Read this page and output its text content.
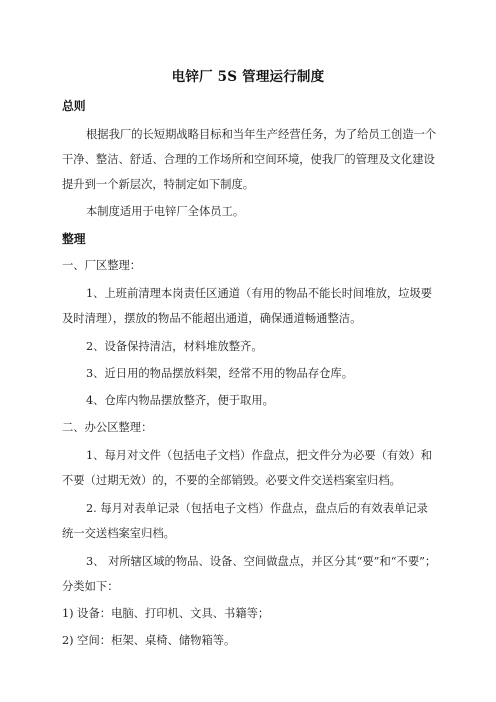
电锌厂 5S 管理运行制度
总则
根据我厂的长短期战略目标和当年生产经营任务，为了给员工创造一个
干净、整洁、舒适、合理的工作场所和空间环境，使我厂的管理及文化建设
提升到一个新层次，特制定如下制度。
本制度适用于电锌厂全体员工。
整理
一、厂区整理：
1、上班前清理本岗责任区通道（有用的物品不能长时间堆放，垃圾要
及时清理），摆放的物品不能超出通道，确保通道畅通整洁。
2、设备保持清洁，材料堆放整齐。
3、近日用的物品摆放料架，经常不用的物品存仓库。
4、仓库内物品摆放整齐，便于取用。
二、办公区整理：
1、每月对文件（包括电子文档）作盘点，把文件分为必要（有效）和
不要（过期无效）的，不要的全部销毁。必要文件交送档案室归档。
2. 每月对表单记录（包括电子文档）作盘点，盘点后的有效表单记录
统一交送档案室归档。
3、 对所辖区域的物品、设备、空间做盘点，并区分其“要”和“不要”；
分类如下：
1) 设备：电脑、打印机、文具、书籍等；
2) 空间：柜架、桌椅、储物箱等。
